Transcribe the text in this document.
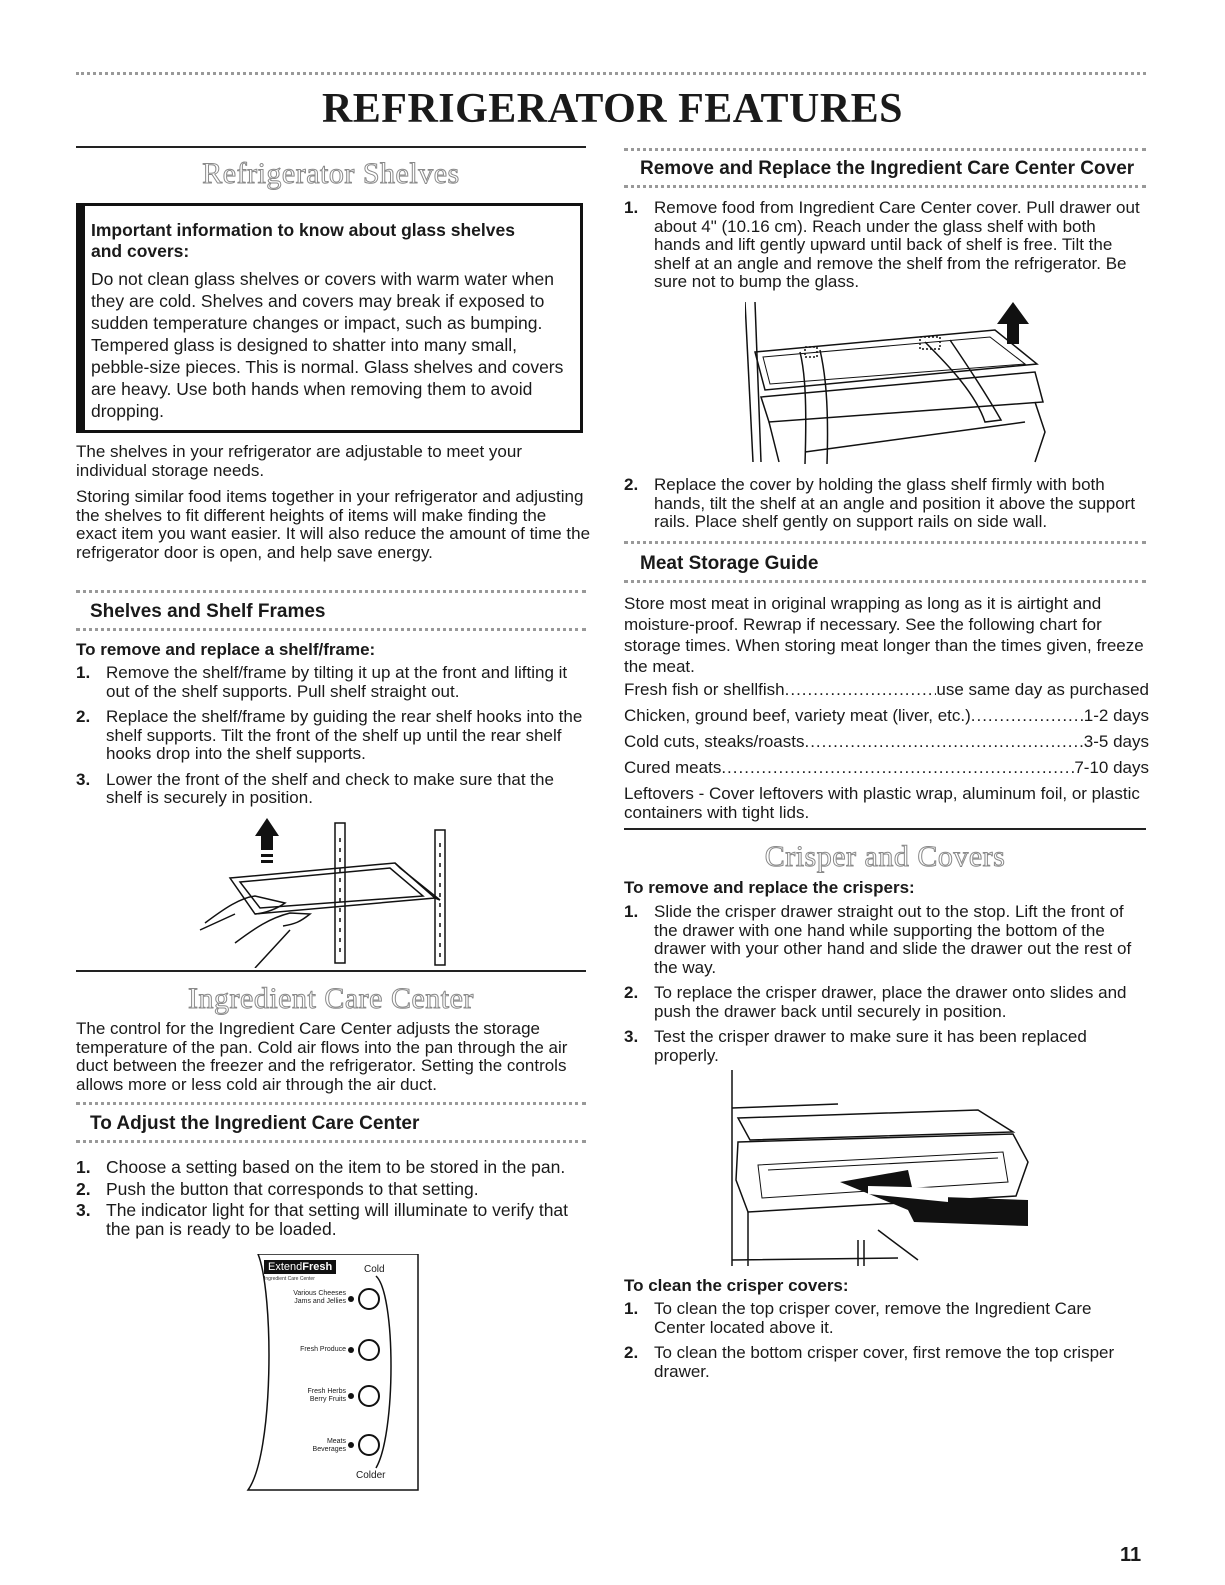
REFRIGERATOR FEATURES
Refrigerator Shelves
Important information to know about glass shelves
and covers:

Do not clean glass shelves or covers with warm water when they are cold. Shelves and covers may break if exposed to sudden temperature changes or impact, such as bumping. Tempered glass is designed to shatter into many small, pebble-size pieces. This is normal. Glass shelves and covers are heavy. Use both hands when removing them to avoid dropping.

The shelves in your refrigerator are adjustable to meet your individual storage needs.

Storing similar food items together in your refrigerator and adjusting the shelves to fit different heights of items will make finding the exact item you want easier. It will also reduce the amount of time the refrigerator door is open, and help save energy.

Shelves and Shelf Frames
To remove and replace a shelf/frame:
1. Remove the shelf/frame by tilting it up at the front and lifting it out of the shelf supports. Pull shelf straight out.
2. Replace the shelf/frame by guiding the rear shelf hooks into the shelf supports. Tilt the front of the shelf up until the rear shelf hooks drop into the shelf supports.
3. Lower the front of the shelf and check to make sure that the shelf is securely in position.
Ingredient Care Center

The control for the Ingredient Care Center adjusts the storage temperature of the pan. Cold air flows into the pan through the air duct between the freezer and the refrigerator. Setting the controls allows more or less cold air through the air duct.

To Adjust the Ingredient Care Center
1. Choose a setting based on the item to be stored in the pan.
2. Push the button that corresponds to that setting.
3. The indicator light for that setting will illuminate to verify that the pan is ready to be loaded.
ExtendFresh
Ingredient Care Center
Cold
Colder
Various Cheeses
Jams and Jellies
Fresh Produce
Fresh Herbs
Berry Fruits
Meats
Beverages
Remove and Replace the Ingredient Care Center Cover
1. Remove food from Ingredient Care Center cover. Pull drawer out about 4" (10.16 cm). Reach under the glass shelf with both hands and lift gently upward until back of shelf is free. Tilt the shelf at an angle and remove the shelf from the refrigerator. Be sure not to bump the glass.
2. Replace the cover by holding the glass shelf firmly with both hands, tilt the shelf at an angle and position it above the support rails. Place shelf gently on support rails on side wall.
Meat Storage Guide

Store most meat in original wrapping as long as it is airtight and moisture-proof. Rewrap if necessary. See the following chart for storage times. When storing meat longer than the times given, freeze the meat.

Fresh fish or shellfish .....	use same day as purchased
Chicken, ground beef, variety meat (liver, etc.) .....	1-2 days
Cold cuts, steaks/roasts .....	3-5 days
Cured meats .....	7-10 days

Leftovers - Cover leftovers with plastic wrap, aluminum foil, or plastic containers with tight lids.

Crisper and Covers
To remove and replace the crispers:
1. Slide the crisper drawer straight out to the stop. Lift the front of the drawer with one hand while supporting the bottom of the drawer with your other hand and slide the drawer out the rest of the way.
2. To replace the crisper drawer, place the drawer onto slides and push the drawer back until securely in position.
3. Test the crisper drawer to make sure it has been replaced properly.
To clean the crisper covers:
1. To clean the top crisper cover, remove the Ingredient Care Center located above it.
2. To clean the bottom crisper cover, first remove the top crisper drawer.
11
